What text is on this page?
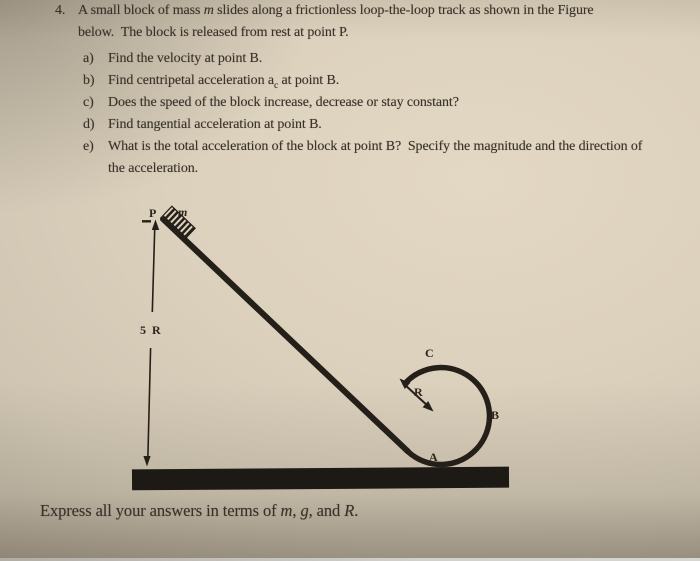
4. A small block of mass m slides along a frictionless loop-the-loop track as shown in the Figure below.  The block is released from rest at point P.
a)	Find the velocity at point B.
b) Find centripetal acceleration $a_c$ at point B.
c)	Does the speed of the block increase, decrease or stay constant?
d) Find tangential acceleration at point B.
e)	What is the total acceleration of the block at point B?  Specify the magnitude and the direction of the acceleration.
P m
5 R
C
R
B
A
Express all your answers in terms of m, g, and R.
